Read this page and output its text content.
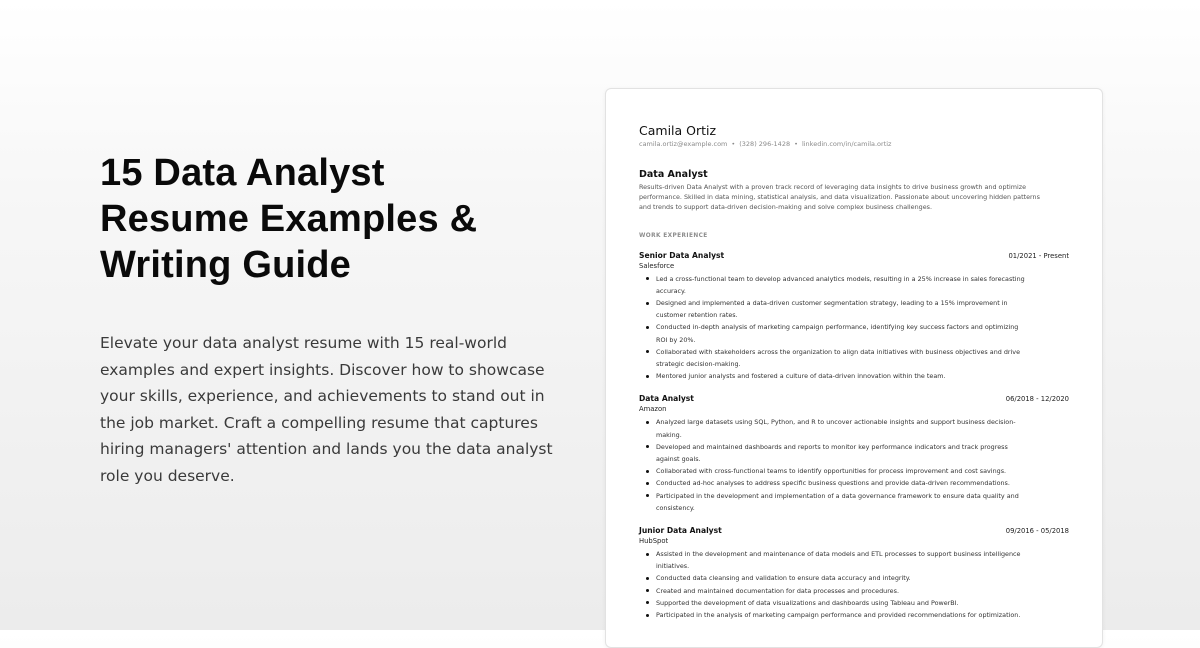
15 Data Analyst
Resume Examples &
Writing Guide
Elevate your data analyst resume with 15 real-world
examples and expert insights. Discover how to showcase
your skills, experience, and achievements to stand out in
the job market. Craft a compelling resume that captures
hiring managers' attention and lands you the data analyst
role you deserve.
Camila Ortiz
camila.ortiz@example.com • (328) 296-1428 • linkedin.com/in/camila.ortiz
Data Analyst
Results-driven Data Analyst with a proven track record of leveraging data insights to drive business growth and optimize
performance. Skilled in data mining, statistical analysis, and data visualization. Passionate about uncovering hidden patterns
and trends to support data-driven decision-making and solve complex business challenges.
WORK EXPERIENCE
Senior Data Analyst	01/2021 - Present
Salesforce
Led a cross-functional team to develop advanced analytics models, resulting in a 25% increase in sales forecasting
accuracy.
Designed and implemented a data-driven customer segmentation strategy, leading to a 15% improvement in
customer retention rates.
Conducted in-depth analysis of marketing campaign performance, identifying key success factors and optimizing
ROI by 20%.
Collaborated with stakeholders across the organization to align data initiatives with business objectives and drive
strategic decision-making.
Mentored junior analysts and fostered a culture of data-driven innovation within the team.
Data Analyst	06/2018 - 12/2020
Amazon
Analyzed large datasets using SQL, Python, and R to uncover actionable insights and support business decision-
making.
Developed and maintained dashboards and reports to monitor key performance indicators and track progress
against goals.
Collaborated with cross-functional teams to identify opportunities for process improvement and cost savings.
Conducted ad-hoc analyses to address specific business questions and provide data-driven recommendations.
Participated in the development and implementation of a data governance framework to ensure data quality and
consistency.
Junior Data Analyst	09/2016 - 05/2018
HubSpot
Assisted in the development and maintenance of data models and ETL processes to support business intelligence
initiatives.
Conducted data cleansing and validation to ensure data accuracy and integrity.
Created and maintained documentation for data processes and procedures.
Supported the development of data visualizations and dashboards using Tableau and PowerBI.
Participated in the analysis of marketing campaign performance and provided recommendations for optimization.
